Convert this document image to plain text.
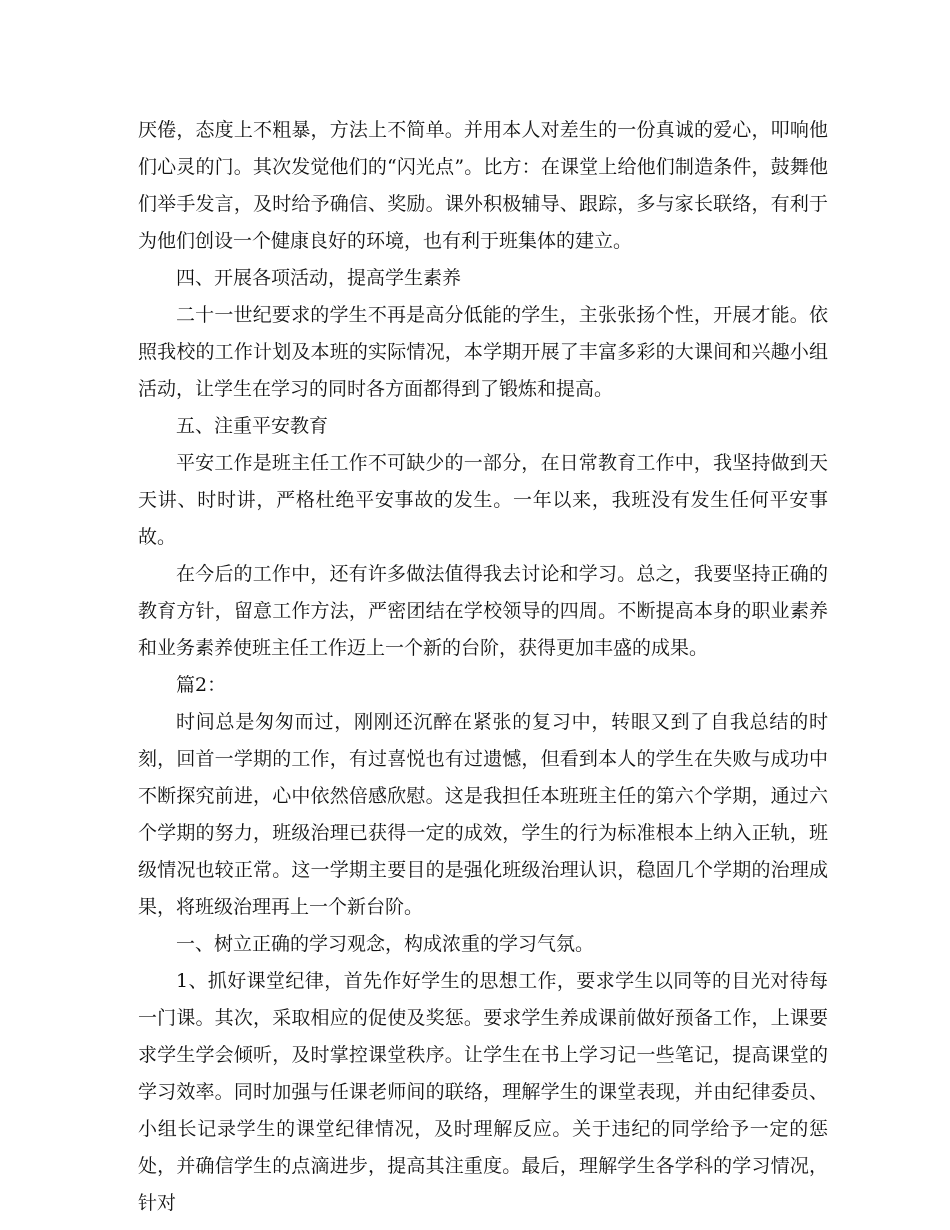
厌倦，态度上不粗暴，方法上不简单。并用本人对差生的一份真诚的爱心，叩响他们心灵的门。其次发觉他们的“闪光点”。比方：在课堂上给他们制造条件，鼓舞他们举手发言，及时给予确信、奖励。课外积极辅导、跟踪，多与家长联络，有利于为他们创设一个健康良好的环境，也有利于班集体的建立。

四、开展各项活动，提高学生素养

二十一世纪要求的学生不再是高分低能的学生，主张张扬个性，开展才能。依照我校的工作计划及本班的实际情况，本学期开展了丰富多彩的大课间和兴趣小组活动，让学生在学习的同时各方面都得到了锻炼和提高。

五、注重平安教育

平安工作是班主任工作不可缺少的一部分，在日常教育工作中，我坚持做到天天讲、时时讲，严格杜绝平安事故的发生。一年以来，我班没有发生任何平安事故。

在今后的工作中，还有许多做法值得我去讨论和学习。总之，我要坚持正确的教育方针，留意工作方法，严密团结在学校领导的四周。不断提高本身的职业素养和业务素养使班主任工作迈上一个新的台阶，获得更加丰盛的成果。

篇2：

时间总是匆匆而过，刚刚还沉醉在紧张的复习中，转眼又到了自我总结的时刻，回首一学期的工作，有过喜悦也有过遗憾，但看到本人的学生在失败与成功中不断探究前进，心中依然倍感欣慰。这是我担任本班班主任的第六个学期，通过六个学期的努力，班级治理已获得一定的成效，学生的行为标准根本上纳入正轨，班级情况也较正常。这一学期主要目的是强化班级治理认识，稳固几个学期的治理成果，将班级治理再上一个新台阶。

一、树立正确的学习观念，构成浓重的学习气氛。

1、抓好课堂纪律，首先作好学生的思想工作，要求学生以同等的目光对待每一门课。其次，采取相应的促使及奖惩。要求学生养成课前做好预备工作，上课要求学生学会倾听，及时掌控课堂秩序。让学生在书上学习记一些笔记，提高课堂的学习效率。同时加强与任课老师间的联络，理解学生的课堂表现，并由纪律委员、小组长记录学生的课堂纪律情况，及时理解反应。关于违纪的同学给予一定的惩处，并确信学生的点滴进步，提高其注重度。最后，理解学生各学科的学习情况，针对
